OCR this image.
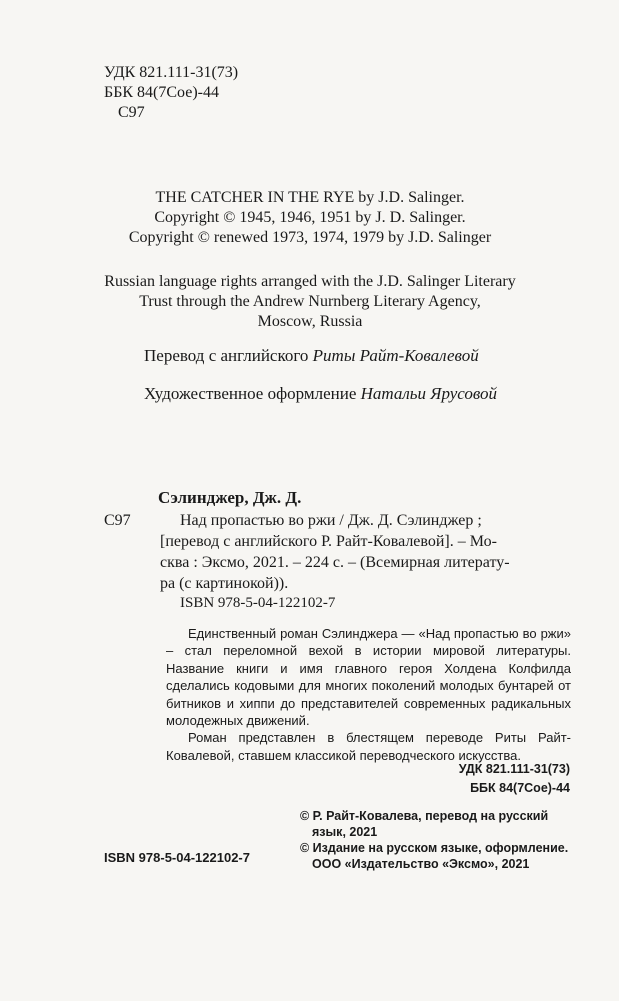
УДК 821.111-31(73)
ББК 84(7Сое)-44
С97
THE CATCHER IN THE RYE by J.D. Salinger.
Copyright © 1945, 1946, 1951 by J. D. Salinger.
Copyright © renewed 1973, 1974, 1979 by J.D. Salinger
Russian language rights arranged with the J.D. Salinger Literary
Trust through the Andrew Nurnberg Literary Agency,
Moscow, Russia
Перевод с английского Риты Райт-Ковалевой
Художественное оформление Натальи Ярусовой
Сэлинджер, Дж. Д.
С97	Над пропастью во ржи / Дж. Д. Сэлинджер ;
[перевод с английского Р. Райт-Ковалевой]. – Мо-
сква : Эксмо, 2021. – 224 с. – (Всемирная литерату-
ра (с картинокой)).
ISBN 978-5-04-122102-7

Единственный роман Сэлинджера — «Над пропастью во ржи» – стал переломной вехой в истории мировой литературы. Название книги и имя главного героя Холдена Колфилда сделались кодовыми для многих поколений молодых бунтарей от битников и хиппи до представителей современных радикальных молодежных движений.

Роман представлен в блестящем переводе Риты Райт-Ковалевой, ставшем классикой переводческого искусства.

УДК 821.111-31(73)
ББК 84(7Сое)-44
© Р. Райт-Ковалева, перевод на русский
язык, 2021
© Издание на русском языке, оформление.
ООО «Издательство «Эксмо», 2021
ISBN 978-5-04-122102-7
